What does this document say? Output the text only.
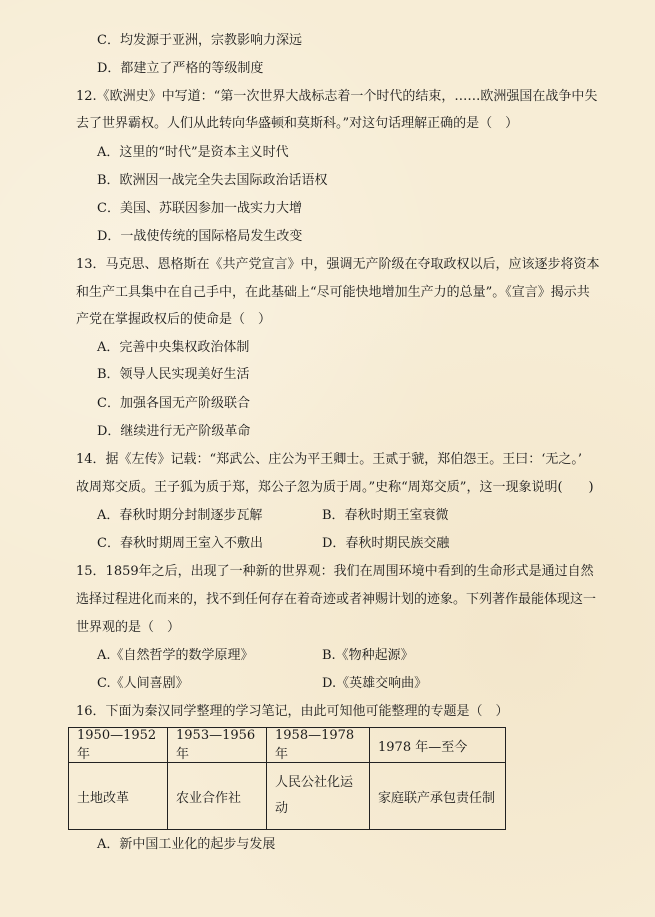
C．均发源于亚洲，宗教影响力深远
D．都建立了严格的等级制度
12.《欧洲史》中写道：“第一次世界大战标志着一个时代的结束，……欧洲强国在战争中失
去了世界霸权。人们从此转向华盛顿和莫斯科。”对这句话理解正确的是（　）
A．这里的“时代”是资本主义时代
B．欧洲因一战完全失去国际政治话语权
C．美国、苏联因参加一战实力大增
D．一战使传统的国际格局发生改变
13．马克思、恩格斯在《共产党宣言》中，强调无产阶级在夺取政权以后，应该逐步将资本
和生产工具集中在自己手中，在此基础上“尽可能快地增加生产力的总量”。《宣言》揭示共
产党在掌握政权后的使命是（　）
A．完善中央集权政治体制
B．领导人民实现美好生活
C．加强各国无产阶级联合
D．继续进行无产阶级革命
14．据《左传》记载：“郑武公、庄公为平王卿士。王贰于虢，郑伯怨王。王曰：‘无之。’
故周郑交质。王子狐为质于郑，郑公子忽为质于周。”史称“周郑交质”，这一现象说明(　　)
A．春秋时期分封制逐步瓦解	B．春秋时期王室衰微
C．春秋时期周王室入不敷出	D．春秋时期民族交融
15．1859年之后，出现了一种新的世界观：我们在周围环境中看到的生命形式是通过自然
选择过程进化而来的，找不到任何存在着奇迹或者神赐计划的迹象。下列著作最能体现这一
世界观的是（　）
A.《自然哲学的数学原理》	B.《物种起源》
C.《人间喜剧》	D.《英雄交响曲》
16．下面为秦汉同学整理的学习笔记，由此可知他可能整理的专题是（　）
1950—1952 年	1953—1956 年	1958—1978 年	1978 年—至今
土地改革	农业合作社	人民公社化运动	家庭联产承包责任制
A．新中国工业化的起步与发展
